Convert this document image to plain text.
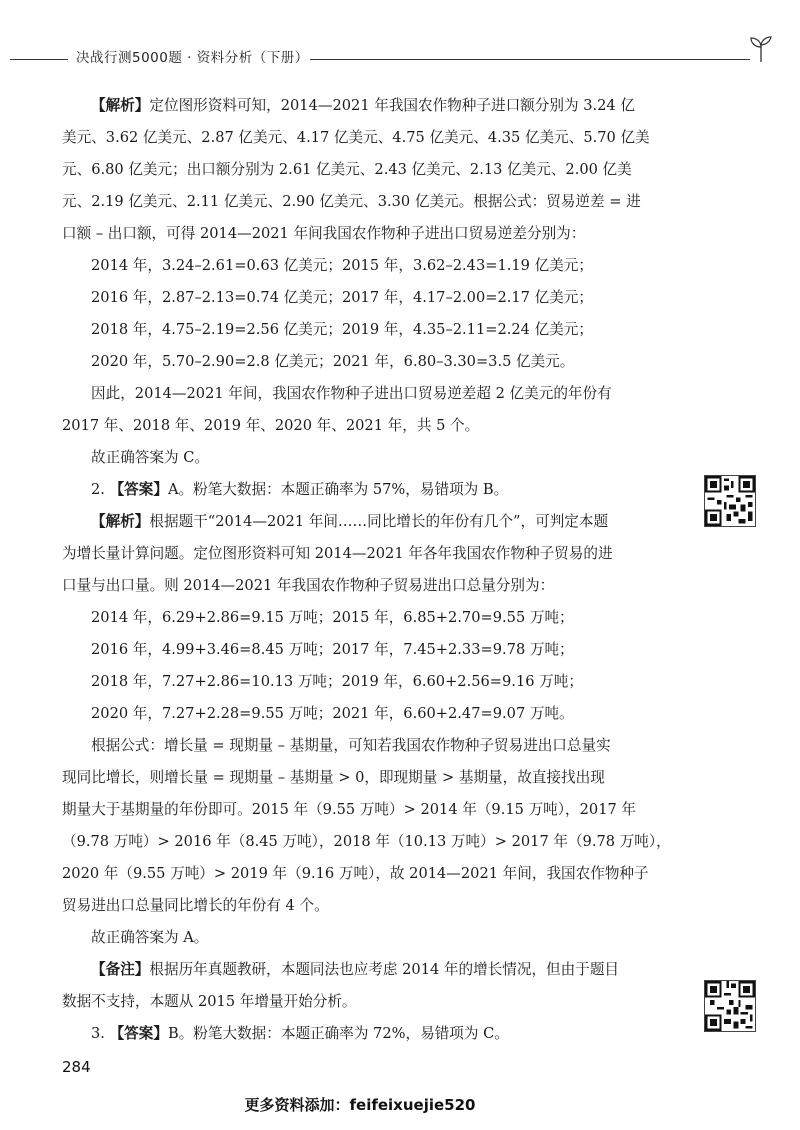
决战行测5000题 · 资料分析（下册）

【解析】定位图形资料可知，2014—2021 年我国农作物种子进口额分别为 3.24 亿

美元、3.62 亿美元、2.87 亿美元、4.17 亿美元、4.75 亿美元、4.35 亿美元、5.70 亿美

元、6.80 亿美元；出口额分别为 2.61 亿美元、2.43 亿美元、2.13 亿美元、2.00 亿美

元、2.19 亿美元、2.11 亿美元、2.90 亿美元、3.30 亿美元。根据公式：贸易逆差 = 进

口额 – 出口额，可得 2014—2021 年间我国农作物种子进出口贸易逆差分别为：

2014 年，3.24–2.61=0.63 亿美元；2015 年，3.62–2.43=1.19 亿美元；

2016 年，2.87–2.13=0.74 亿美元；2017 年，4.17–2.00=2.17 亿美元；

2018 年，4.75–2.19=2.56 亿美元；2019 年，4.35–2.11=2.24 亿美元；

2020 年，5.70–2.90=2.8 亿美元；2021 年，6.80–3.30=3.5 亿美元。

因此，2014—2021 年间，我国农作物种子进出口贸易逆差超 2 亿美元的年份有

2017 年、2018 年、2019 年、2020 年、2021 年，共 5 个。

故正确答案为 C。

2. 【答案】A。粉笔大数据：本题正确率为 57%，易错项为 B。

【解析】根据题干“2014—2021 年间……同比增长的年份有几个”，可判定本题

为增长量计算问题。定位图形资料可知 2014—2021 年各年我国农作物种子贸易的进

口量与出口量。则 2014—2021 年我国农作物种子贸易进出口总量分别为：

2014 年，6.29+2.86=9.15 万吨；2015 年，6.85+2.70=9.55 万吨；

2016 年，4.99+3.46=8.45 万吨；2017 年，7.45+2.33=9.78 万吨；

2018 年，7.27+2.86=10.13 万吨；2019 年，6.60+2.56=9.16 万吨；

2020 年，7.27+2.28=9.55 万吨；2021 年，6.60+2.47=9.07 万吨。

根据公式：增长量 = 现期量 – 基期量，可知若我国农作物种子贸易进出口总量实

现同比增长，则增长量 = 现期量 – 基期量 > 0，即现期量 > 基期量，故直接找出现

期量大于基期量的年份即可。2015 年（9.55 万吨）> 2014 年（9.15 万吨），2017 年

（9.78 万吨）> 2016 年（8.45 万吨），2018 年（10.13 万吨）> 2017 年（9.78 万吨），

2020 年（9.55 万吨）> 2019 年（9.16 万吨），故 2014—2021 年间，我国农作物种子

贸易进出口总量同比增长的年份有 4 个。

故正确答案为 A。

【备注】根据历年真题教研，本题同法也应考虑 2014 年的增长情况，但由于题目

数据不支持，本题从 2015 年增量开始分析。

3. 【答案】B。粉笔大数据：本题正确率为 72%，易错项为 C。

284
更多资料添加：feifeixuejie520
